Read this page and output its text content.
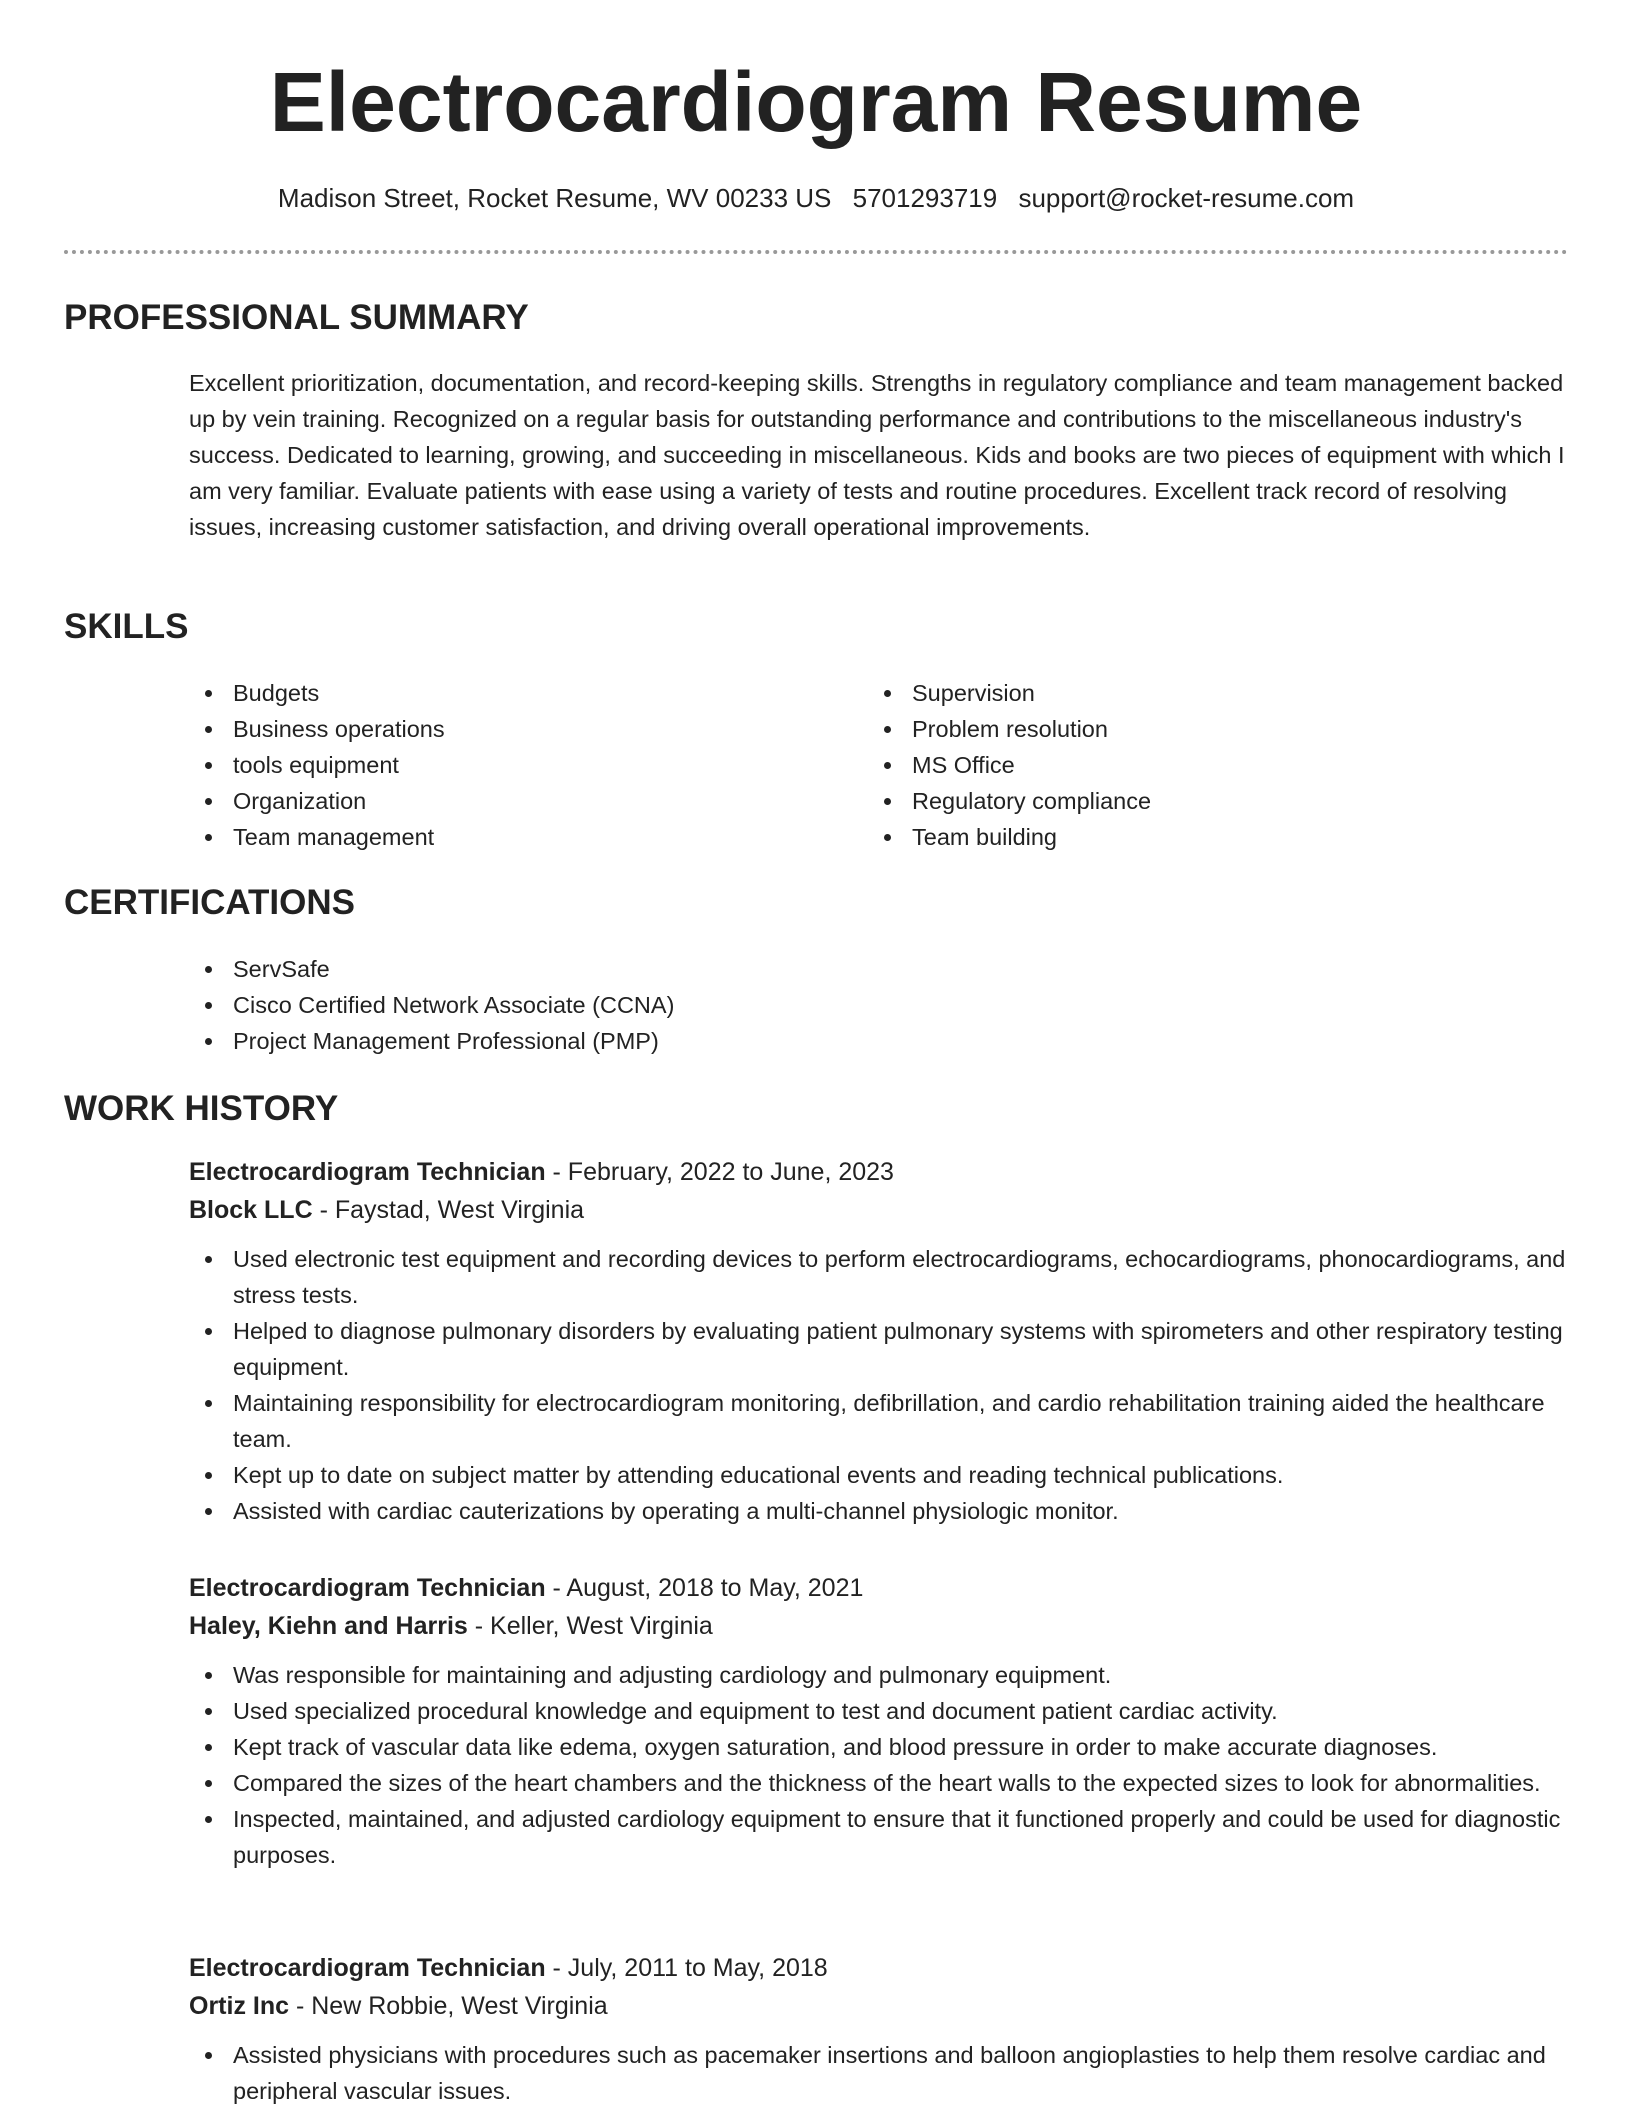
Electrocardiogram Resume
Madison Street, Rocket Resume, WV 00233 US 5701293719 support@rocket-resume.com
PROFESSIONAL SUMMARY

Excellent prioritization, documentation, and record-keeping skills. Strengths in regulatory compliance and team management backed up by vein training. Recognized on a regular basis for outstanding performance and contributions to the miscellaneous industry's success. Dedicated to learning, growing, and succeeding in miscellaneous. Kids and books are two pieces of equipment with which I am very familiar. Evaluate patients with ease using a variety of tests and routine procedures. Excellent track record of resolving issues, increasing customer satisfaction, and driving overall operational improvements.

SKILLS
Budgets
Business operations
tools equipment
Organization
Team management
Supervision
Problem resolution
MS Office
Regulatory compliance
Team building
CERTIFICATIONS
ServSafe
Cisco Certified Network Associate (CCNA)
Project Management Professional (PMP)
WORK HISTORY
Electrocardiogram Technician - February, 2022 to June, 2023
Block LLC - Faystad, West Virginia
Used electronic test equipment and recording devices to perform electrocardiograms, echocardiograms, phonocardiograms, and stress tests.
Helped to diagnose pulmonary disorders by evaluating patient pulmonary systems with spirometers and other respiratory testing equipment.
Maintaining responsibility for electrocardiogram monitoring, defibrillation, and cardio rehabilitation training aided the healthcare team.
Kept up to date on subject matter by attending educational events and reading technical publications.
Assisted with cardiac cauterizations by operating a multi-channel physiologic monitor.
Electrocardiogram Technician - August, 2018 to May, 2021
Haley, Kiehn and Harris - Keller, West Virginia
Was responsible for maintaining and adjusting cardiology and pulmonary equipment.
Used specialized procedural knowledge and equipment to test and document patient cardiac activity.
Kept track of vascular data like edema, oxygen saturation, and blood pressure in order to make accurate diagnoses.
Compared the sizes of the heart chambers and the thickness of the heart walls to the expected sizes to look for abnormalities.
Inspected, maintained, and adjusted cardiology equipment to ensure that it functioned properly and could be used for diagnostic purposes.
Electrocardiogram Technician - July, 2011 to May, 2018
Ortiz Inc - New Robbie, West Virginia
Assisted physicians with procedures such as pacemaker insertions and balloon angioplasties to help them resolve cardiac and peripheral vascular issues.
